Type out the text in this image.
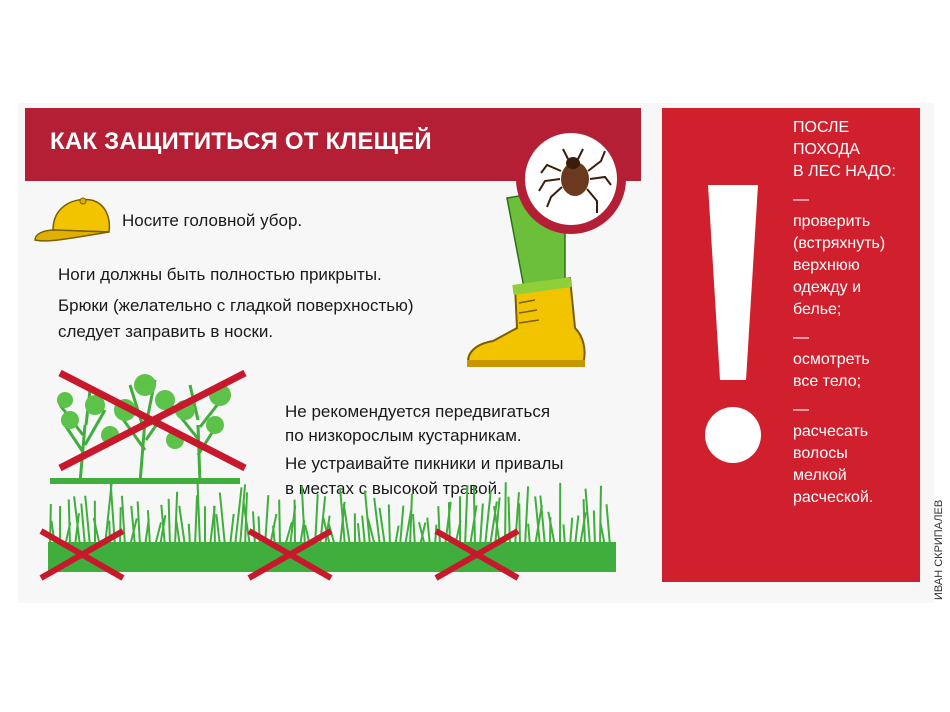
КАК ЗАЩИТИТЬСЯ ОТ КЛЕЩЕЙ
Носите головной убор.
Ноги должны быть полностью прикрыты.
Брюки (желательно с гладкой поверхностью)
следует заправить в носки.
Не рекомендуется передвигаться
по низкорослым кустарникам.
Не устраивайте пикники и привалы
в местах с высокой травой.
ПОСЛЕ
ПОХОДА
В ЛЕС НАДО:
—
проверить
(встряхнуть)
верхнюю
одежду и
белье;
—
осмотреть
все тело;
—
расчесать
волосы
мелкой
расческой.
ИВАН СКРИПАЛЕВ
